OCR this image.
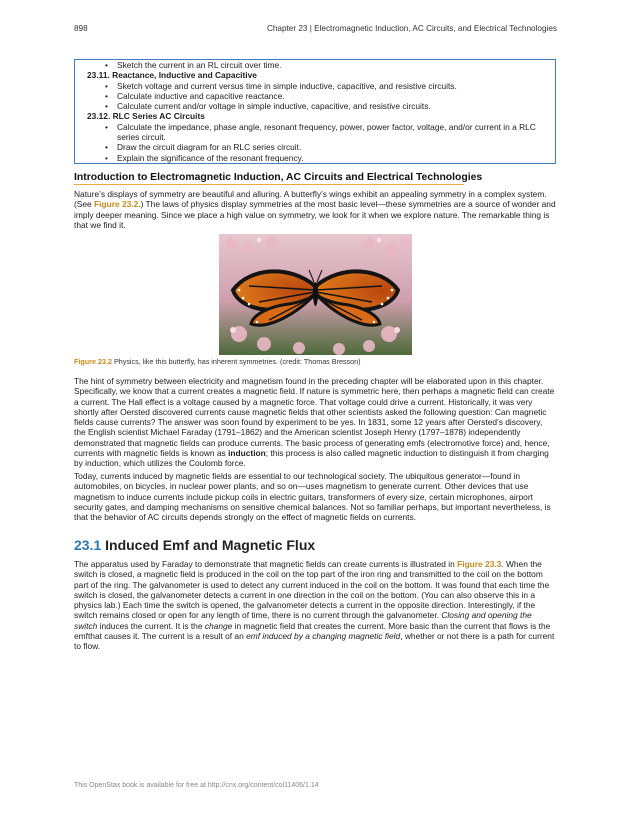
898	Chapter 23 | Electromagnetic Induction, AC Circuits, and Electrical Technologies
• Sketch the current in an RL circuit over time.
23.11. Reactance, Inductive and Capacitive
• Sketch voltage and current versus time in simple inductive, capacitive, and resistive circuits.
• Calculate inductive and capacitive reactance.
• Calculate current and/or voltage in simple inductive, capacitive, and resistive circuits.
23.12. RLC Series AC Circuits
• Calculate the impedance, phase angle, resonant frequency, power, power factor, voltage, and/or current in a RLC series circuit.
• Draw the circuit diagram for an RLC series circuit.
• Explain the significance of the resonant frequency.
Introduction to Electromagnetic Induction, AC Circuits and Electrical Technologies

Nature’s displays of symmetry are beautiful and alluring. A butterfly’s wings exhibit an appealing symmetry in a complex system. (See Figure 23.2.) The laws of physics display symmetries at the most basic level—these symmetries are a source of wonder and imply deeper meaning. Since we place a high value on symmetry, we look for it when we explore nature. The remarkable thing is that we find it.

Figure 23.2 Physics, like this butterfly, has inherent symmetries. (credit: Thomas Bresson)

The hint of symmetry between electricity and magnetism found in the preceding chapter will be elaborated upon in this chapter. Specifically, we know that a current creates a magnetic field. If nature is symmetric here, then perhaps a magnetic field can create a current. The Hall effect is a voltage caused by a magnetic force. That voltage could drive a current. Historically, it was very shortly after Oersted discovered currents cause magnetic fields that other scientists asked the following question: Can magnetic fields cause currents? The answer was soon found by experiment to be yes. In 1831, some 12 years after Oersted’s discovery, the English scientist Michael Faraday (1791–1862) and the American scientist Joseph Henry (1797–1878) independently demonstrated that magnetic fields can produce currents. The basic process of generating emfs (electromotive force) and, hence, currents with magnetic fields is known as induction; this process is also called magnetic induction to distinguish it from charging by induction, which utilizes the Coulomb force.

Today, currents induced by magnetic fields are essential to our technological society. The ubiquitous generator—found in automobiles, on bicycles, in nuclear power plants, and so on—uses magnetism to generate current. Other devices that use magnetism to induce currents include pickup coils in electric guitars, transformers of every size, certain microphones, airport security gates, and damping mechanisms on sensitive chemical balances. Not so familiar perhaps, but important nevertheless, is that the behavior of AC circuits depends strongly on the effect of magnetic fields on currents.

23.1 Induced Emf and Magnetic Flux

The apparatus used by Faraday to demonstrate that magnetic fields can create currents is illustrated in Figure 23.3. When the switch is closed, a magnetic field is produced in the coil on the top part of the iron ring and transmitted to the coil on the bottom part of the ring. The galvanometer is used to detect any current induced in the coil on the bottom. It was found that each time the switch is closed, the galvanometer detects a current in one direction in the coil on the bottom. (You can also observe this in a physics lab.) Each time the switch is opened, the galvanometer detects a current in the opposite direction. Interestingly, if the switch remains closed or open for any length of time, there is no current through the galvanometer. Closing and opening the switch induces the current. It is the change in magnetic field that creates the current. More basic than the current that flows is the emfthat causes it. The current is a result of an emf induced by a changing magnetic field, whether or not there is a path for current to flow.

This OpenStax book is available for free at http://cnx.org/content/col11406/1.14
